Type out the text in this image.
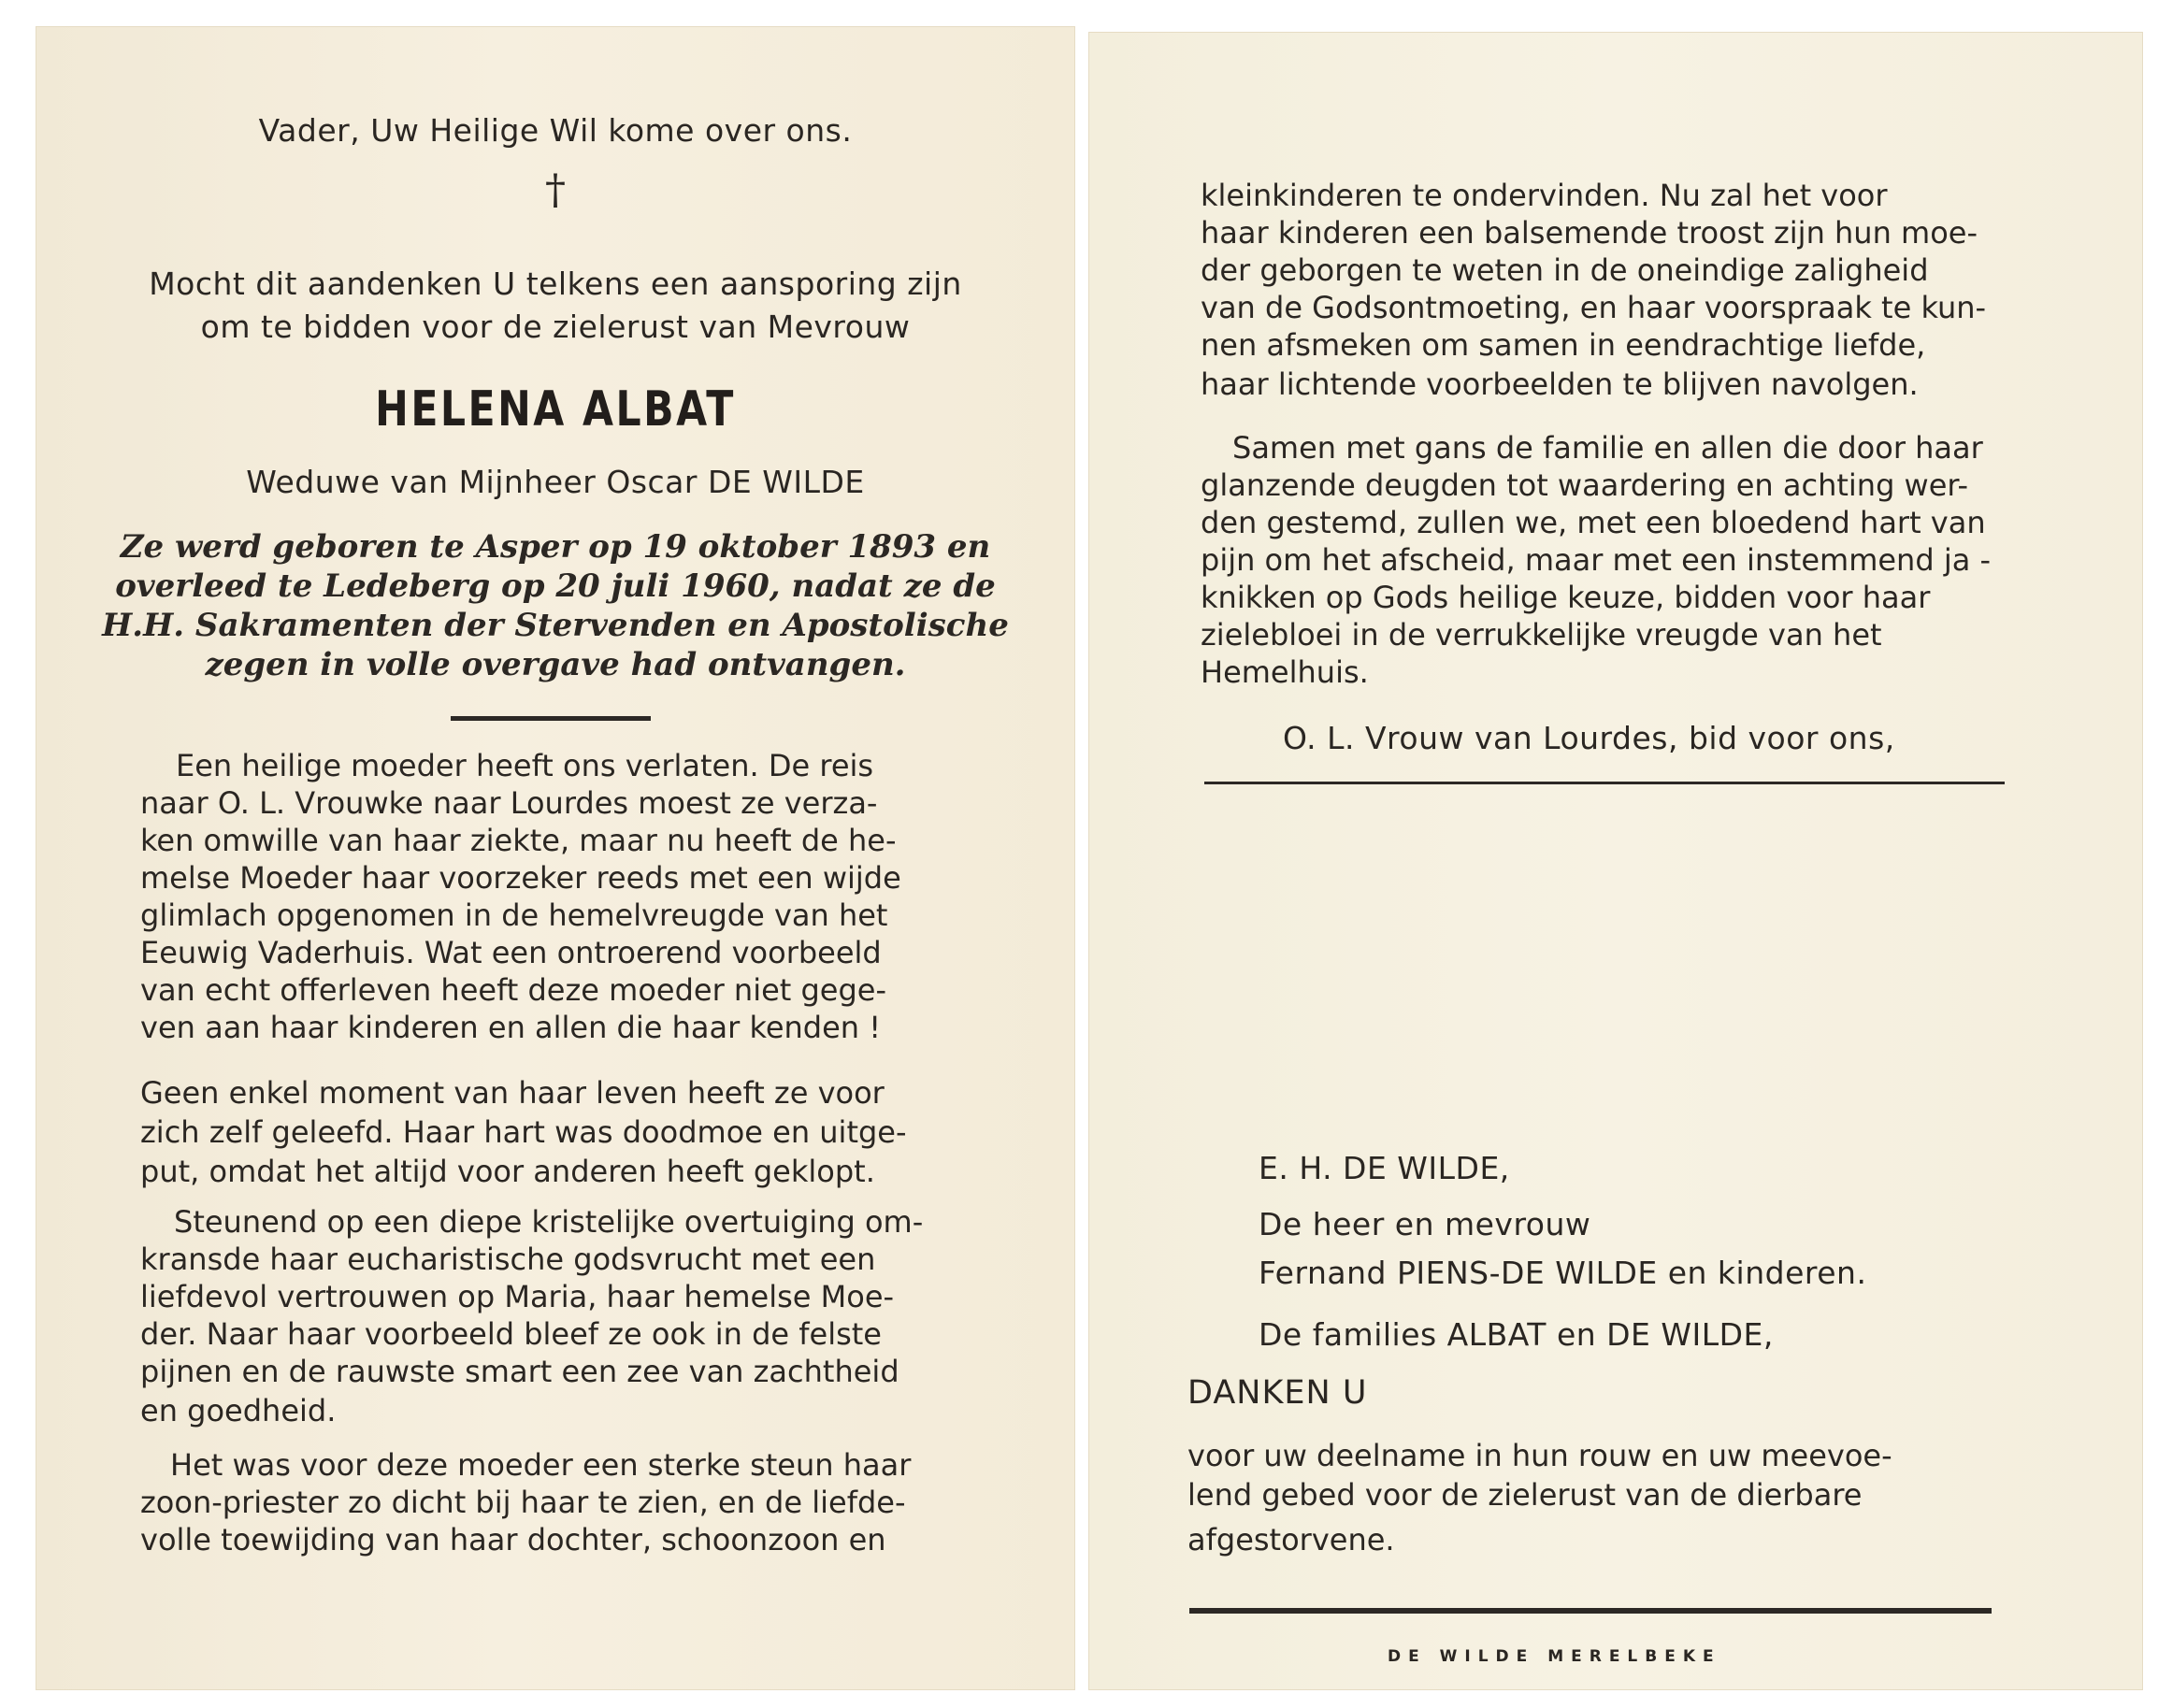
Vader, Uw Heilige Wil kome over ons.

†

Mocht dit aandenken U telkens een aansporing zijn

om te bidden voor de zielerust van Mevrouw

HELENA ALBAT

Weduwe van Mijnheer Oscar DE WILDE

Ze werd geboren te Asper op 19 oktober 1893 en

overleed te Ledeberg op 20 juli 1960, nadat ze de

H.H. Sakramenten der Stervenden en Apostolische

zegen in volle overgave had ontvangen.

Een heilige moeder heeft ons verlaten. De reis

naar O. L. Vrouwke naar Lourdes moest ze verza-

ken omwille van haar ziekte, maar nu heeft de he-

melse Moeder haar voorzeker reeds met een wijde

glimlach opgenomen in de hemelvreugde van het

Eeuwig Vaderhuis. Wat een ontroerend voorbeeld

van echt offerleven heeft deze moeder niet gege-

ven aan haar kinderen en allen die haar kenden !

Geen enkel moment van haar leven heeft ze voor

zich zelf geleefd. Haar hart was doodmoe en uitge-

put, omdat het altijd voor anderen heeft geklopt.

Steunend op een diepe kristelijke overtuiging om-

kransde haar eucharistische godsvrucht met een

liefdevol vertrouwen op Maria, haar hemelse Moe-

der. Naar haar voorbeeld bleef ze ook in de felste

pijnen en de rauwste smart een zee van zachtheid

en goedheid.

Het was voor deze moeder een sterke steun haar

zoon-priester zo dicht bij haar te zien, en de liefde-

volle toewijding van haar dochter, schoonzoon en

kleinkinderen te ondervinden. Nu zal het voor

haar kinderen een balsemende troost zijn hun moe-

der geborgen te weten in de oneindige zaligheid

van de Godsontmoeting, en haar voorspraak te kun-

nen afsmeken om samen in eendrachtige liefde,

haar lichtende voorbeelden te blijven navolgen.

Samen met gans de familie en allen die door haar

glanzende deugden tot waardering en achting wer-

den gestemd, zullen we, met een bloedend hart van

pijn om het afscheid, maar met een instemmend ja -

knikken op Gods heilige keuze, bidden voor haar

zielebloei in de verrukkelijke vreugde van het

Hemelhuis.

O. L. Vrouw van Lourdes, bid voor ons,

E. H. DE WILDE,

De heer en mevrouw

Fernand PIENS-DE WILDE en kinderen.

De families ALBAT en DE WILDE,

DANKEN U

voor uw deelname in hun rouw en uw meevoe-

lend gebed voor de zielerust van de dierbare

afgestorvene.

DE WILDE MERELBEKE
